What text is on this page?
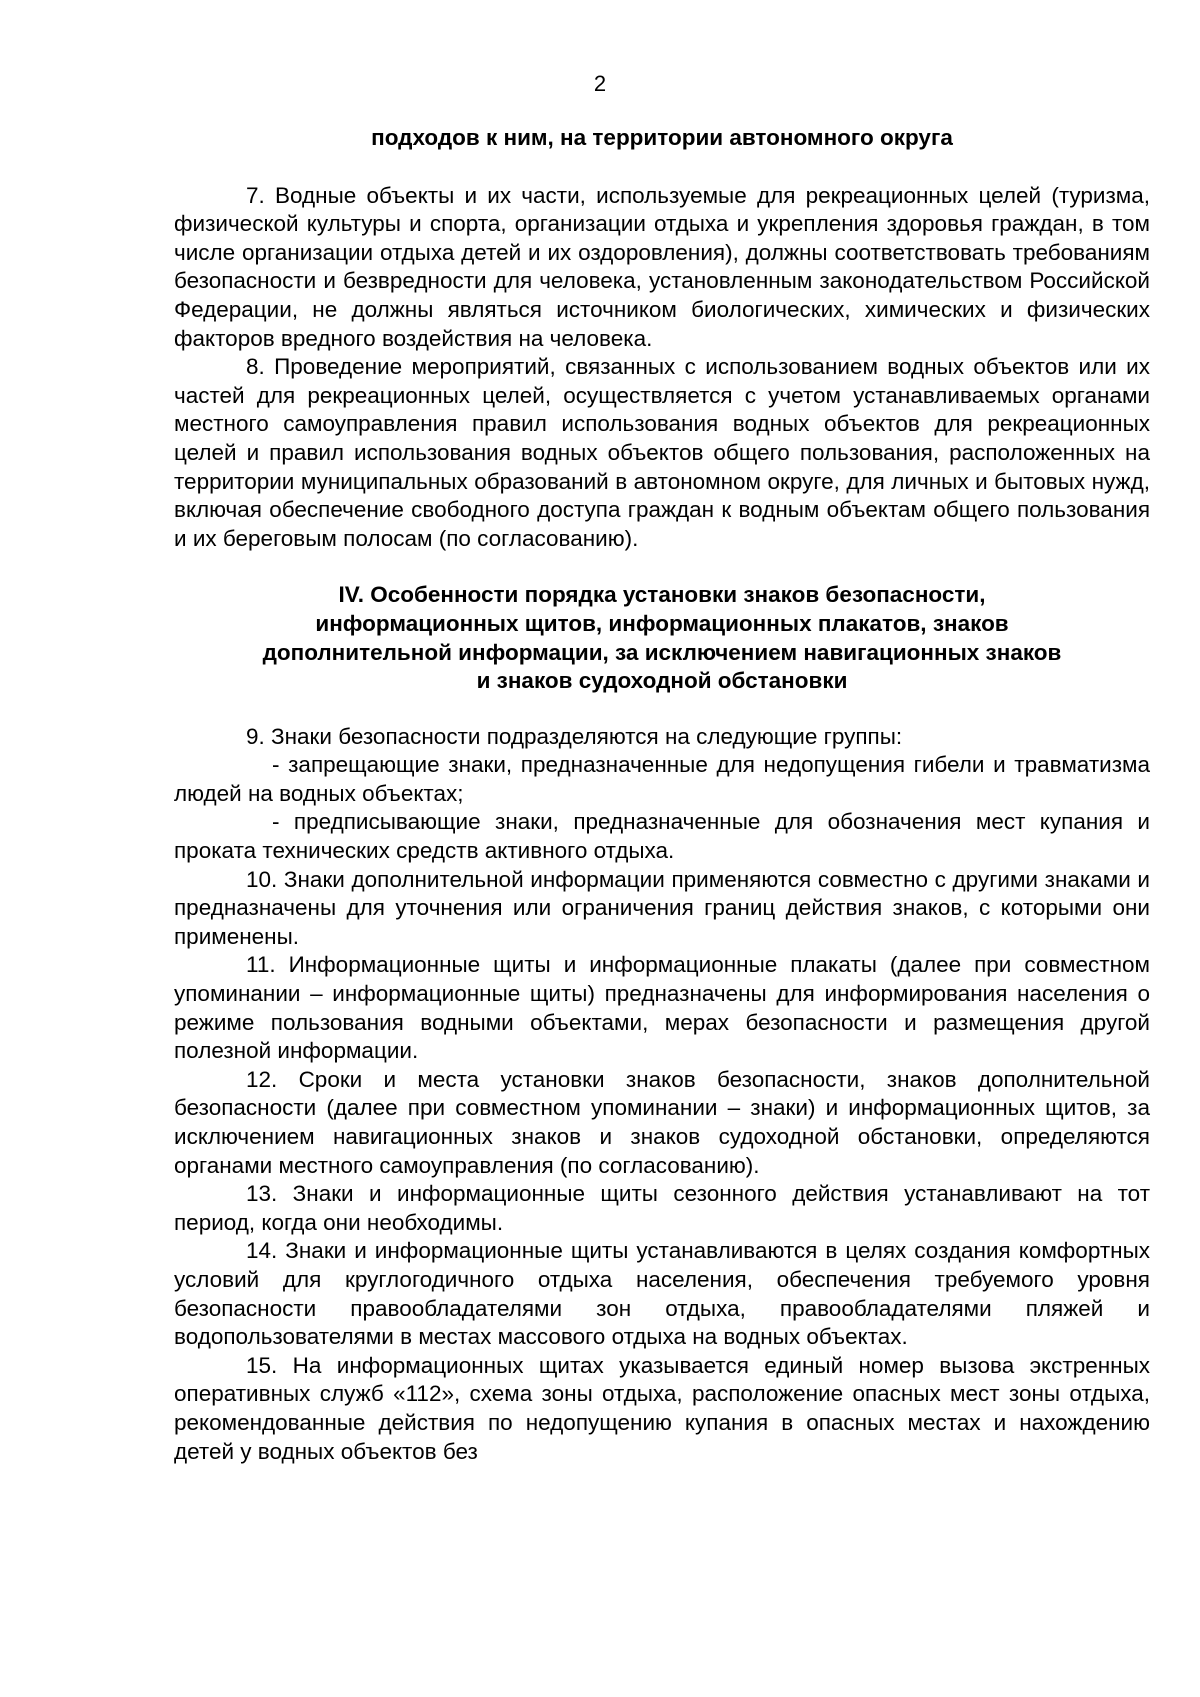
2
подходов к ним, на территории автономного округа

7. Водные объекты и их части, используемые для рекреационных целей (туризма, физической культуры и спорта, организации отдыха и укрепления здоровья граждан, в том числе организации отдыха детей и их оздоровления), должны соответствовать требованиям безопасности и безвредности для человека, установленным законодательством Российской Федерации, не должны являться источником биологических, химических и физических факторов вредного воздействия на человека.

8. Проведение мероприятий, связанных с использованием водных объектов или их частей для рекреационных целей, осуществляется с учетом устанавливаемых органами местного самоуправления правил использования водных объектов для рекреационных целей и правил использования водных объектов общего пользования, расположенных на территории муниципальных образований в автономном округе, для личных и бытовых нужд, включая обеспечение свободного доступа граждан к водным объектам общего пользования и их береговым полосам (по согласованию).

IV. Особенности порядка установки знаков безопасности,
информационных щитов, информационных плакатов, знаков
дополнительной информации, за исключением навигационных знаков
и знаков судоходной обстановки

9. Знаки безопасности подразделяются на следующие группы:

- запрещающие знаки, предназначенные для недопущения гибели и травматизма людей на водных объектах;

- предписывающие знаки, предназначенные для обозначения мест купания и проката технических средств активного отдыха.

10. Знаки дополнительной информации применяются совместно с другими знаками и предназначены для уточнения или ограничения границ действия знаков, с которыми они применены.

11. Информационные щиты и информационные плакаты (далее при совместном упоминании – информационные щиты) предназначены для информирования населения о режиме пользования водными объектами, мерах безопасности и размещения другой полезной информации.

12. Сроки и места установки знаков безопасности, знаков дополнительной безопасности (далее при совместном упоминании – знаки) и информационных щитов, за исключением навигационных знаков и знаков судоходной обстановки, определяются органами местного самоуправления (по согласованию).

13. Знаки и информационные щиты сезонного действия устанавливают на тот период, когда они необходимы.

14. Знаки и информационные щиты устанавливаются в целях создания комфортных условий для круглогодичного отдыха населения, обеспечения требуемого уровня безопасности правообладателями зон отдыха, правообладателями пляжей и водопользователями в местах массового отдыха на водных объектах.

15. На информационных щитах указывается единый номер вызова экстренных оперативных служб «112», схема зоны отдыха, расположение опасных мест зоны отдыха, рекомендованные действия по недопущению купания в опасных местах и нахождению детей у водных объектов без
